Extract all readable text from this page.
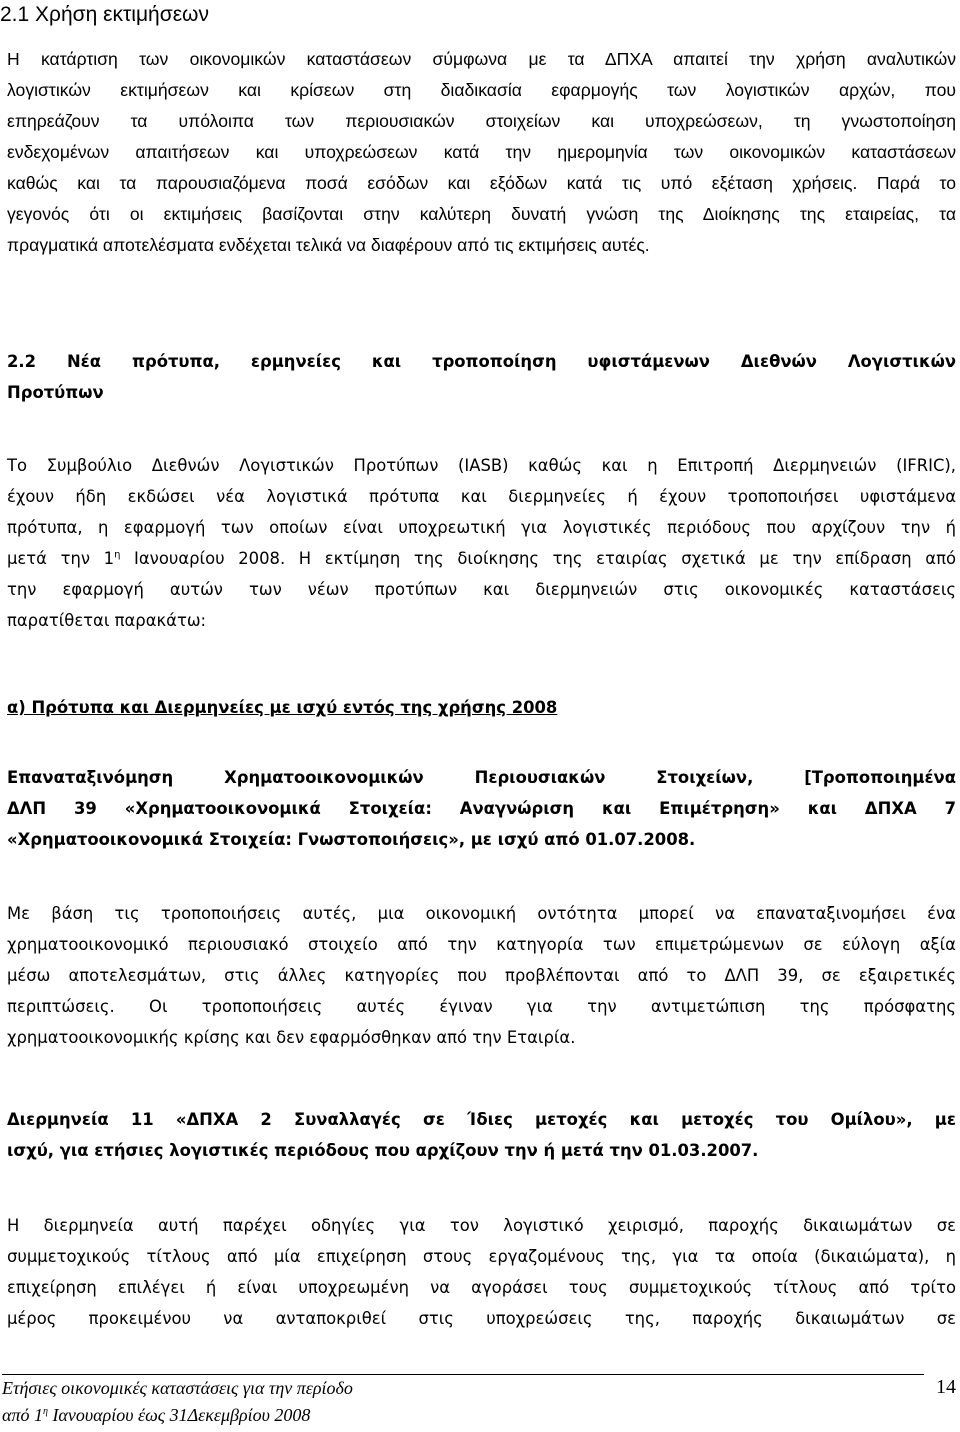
2.1 Χρήση εκτιμήσεων
Η κατάρτιση των οικονομικών καταστάσεων σύμφωνα με τα ΔΠΧΑ απαιτεί την χρήση αναλυτικών
λογιστικών εκτιμήσεων και κρίσεων στη διαδικασία εφαρμογής των λογιστικών αρχών, που
επηρεάζουν τα υπόλοιπα των περιουσιακών στοιχείων και υποχρεώσεων, τη γνωστοποίηση
ενδεχομένων απαιτήσεων και υποχρεώσεων κατά την ημερομηνία των οικονομικών καταστάσεων
καθώς και τα παρουσιαζόμενα ποσά εσόδων και εξόδων κατά τις υπό εξέταση χρήσεις. Παρά το
γεγονός ότι οι εκτιμήσεις βασίζονται στην καλύτερη δυνατή γνώση της Διοίκησης της εταιρείας, τα
πραγματικά αποτελέσματα ενδέχεται τελικά να διαφέρουν από τις εκτιμήσεις αυτές.
2.2 Νέα πρότυπα, ερμηνείες και τροποποίηση υφιστάμενων Διεθνών Λογιστικών
Προτύπων
Το Συμβούλιο Διεθνών Λογιστικών Προτύπων (IASB) καθώς και η Επιτροπή Διερμηνειών (IFRIC),
έχουν ήδη εκδώσει νέα λογιστικά πρότυπα και διερμηνείες ή έχουν τροποποιήσει υφιστάμενα
πρότυπα, η εφαρμογή των οποίων είναι υποχρεωτική για λογιστικές περιόδους που αρχίζουν την ή
μετά την $1^\eta$ Ιανουαρίου 2008. Η εκτίμηση της διοίκησης της εταιρίας σχετικά με την επίδραση από
την εφαρμογή αυτών των νέων προτύπων και διερμηνειών στις οικονομικές καταστάσεις
παρατίθεται παρακάτω:
α) Πρότυπα και Διερμηνείες με ισχύ εντός της χρήσης 2008
Επαναταξινόμηση Χρηματοοικονομικών Περιουσιακών Στοιχείων, [Τροποποιημένα
ΔΛΠ 39 «Χρηματοοικονομικά Στοιχεία: Αναγνώριση και Επιμέτρηση» και ΔΠΧΑ 7
«Χρηματοοικονομικά Στοιχεία: Γνωστοποιήσεις», με ισχύ από 01.07.2008.
Με βάση τις τροποποιήσεις αυτές, μια οικονομική οντότητα μπορεί να επαναταξινομήσει ένα
χρηματοοικονομικό περιουσιακό στοιχείο από την κατηγορία των επιμετρώμενων σε εύλογη αξία
μέσω αποτελεσμάτων, στις άλλες κατηγορίες που προβλέπονται από το ΔΛΠ 39, σε εξαιρετικές
περιπτώσεις. Οι τροποποιήσεις αυτές έγιναν για την αντιμετώπιση της πρόσφατης
χρηματοοικονομικής κρίσης και δεν εφαρμόσθηκαν από την Εταιρία.
Διερμηνεία 11 «ΔΠΧΑ 2 Συναλλαγές σε Ίδιες μετοχές και μετοχές του Ομίλου», με
ισχύ, για ετήσιες λογιστικές περιόδους που αρχίζουν την ή μετά την 01.03.2007.
Η διερμηνεία αυτή παρέχει οδηγίες για τον λογιστικό χειρισμό, παροχής δικαιωμάτων σε
συμμετοχικούς τίτλους από μία επιχείρηση στους εργαζομένους της, για τα οποία (δικαιώματα), η
επιχείρηση επιλέγει ή είναι υποχρεωμένη να αγοράσει τους συμμετοχικούς τίτλους από τρίτο
μέρος προκειμένου να ανταποκριθεί στις υποχρεώσεις της, παροχής δικαιωμάτων σε
Ετήσιες οικονομικές καταστάσεις για την περίοδο
από $1^\eta$ Ιανουαρίου έως 31Δεκεμβρίου 2008
14
